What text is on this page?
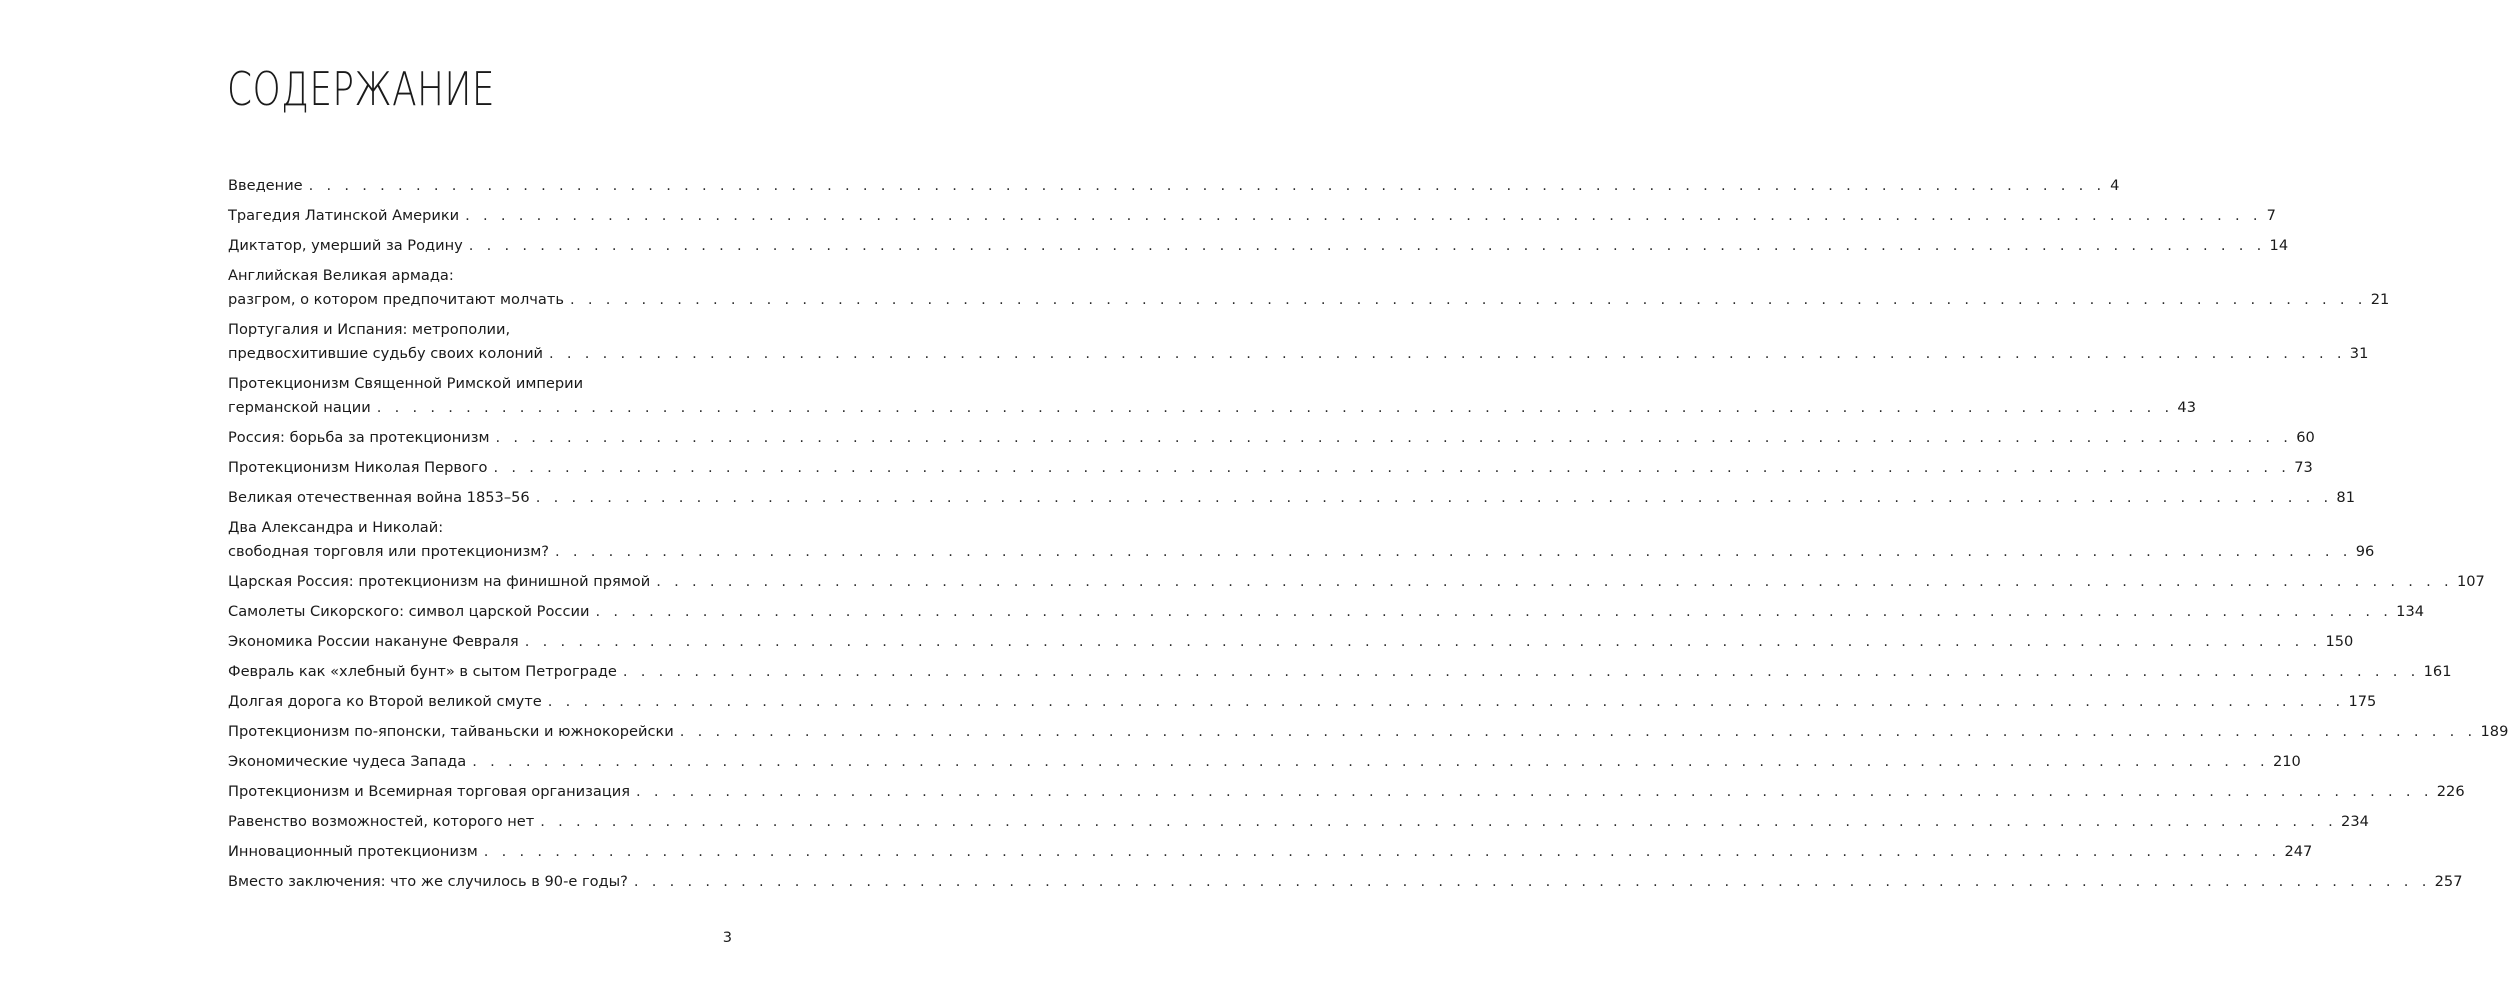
СОДЕРЖАНИЕ
Введение . . . . . . . . . . . . . . . . . . . . . . . . . . . . . . . . . . . . . . . . . . . . . . . . . . . . . . . . . . . . . . . . . . . . . . . . . . . . . . . . . . . . . . . . . . . . . . . . . . . . . 4
Трагедия Латинской Америки . . . . . . . . . . . . . . . . . . . . . . . . . . . . . . . . . . . . . . . . . . . . . . . . . . . . . . . . . . . . . . . . . . . . . . . . . . . . . . . . . . . . . . . . . . . . . . . . . . . . . 7
Диктатор, умерший за Родину . . . . . . . . . . . . . . . . . . . . . . . . . . . . . . . . . . . . . . . . . . . . . . . . . . . . . . . . . . . . . . . . . . . . . . . . . . . . . . . . . . . . . . . . . . . . . . . . . . . . . 14
Английская Великая армада:
разгром, о котором предпочитают молчать . . . . . . . . . . . . . . . . . . . . . . . . . . . . . . . . . . . . . . . . . . . . . . . . . . . . . . . . . . . . . . . . . . . . . . . . . . . . . . . . . . . . . . . . . . . . . . . . . . . . . 21
Португалия и Испания: метрополии,
предвосхитившие судьбу своих колоний . . . . . . . . . . . . . . . . . . . . . . . . . . . . . . . . . . . . . . . . . . . . . . . . . . . . . . . . . . . . . . . . . . . . . . . . . . . . . . . . . . . . . . . . . . . . . . . . . . . . . 31
Протекционизм Священной Римской империи
германской нации . . . . . . . . . . . . . . . . . . . . . . . . . . . . . . . . . . . . . . . . . . . . . . . . . . . . . . . . . . . . . . . . . . . . . . . . . . . . . . . . . . . . . . . . . . . . . . . . . . . . . 43
Россия: борьба за протекционизм . . . . . . . . . . . . . . . . . . . . . . . . . . . . . . . . . . . . . . . . . . . . . . . . . . . . . . . . . . . . . . . . . . . . . . . . . . . . . . . . . . . . . . . . . . . . . . . . . . . . . 60
Протекционизм Николая Первого . . . . . . . . . . . . . . . . . . . . . . . . . . . . . . . . . . . . . . . . . . . . . . . . . . . . . . . . . . . . . . . . . . . . . . . . . . . . . . . . . . . . . . . . . . . . . . . . . . . . . 73
Великая отечественная война 1853–56 . . . . . . . . . . . . . . . . . . . . . . . . . . . . . . . . . . . . . . . . . . . . . . . . . . . . . . . . . . . . . . . . . . . . . . . . . . . . . . . . . . . . . . . . . . . . . . . . . . . . . 81
Два Александра и Николай:
свободная торговля или протекционизм? . . . . . . . . . . . . . . . . . . . . . . . . . . . . . . . . . . . . . . . . . . . . . . . . . . . . . . . . . . . . . . . . . . . . . . . . . . . . . . . . . . . . . . . . . . . . . . . . . . . . . 96
Царская Россия: протекционизм на финишной прямой . . . . . . . . . . . . . . . . . . . . . . . . . . . . . . . . . . . . . . . . . . . . . . . . . . . . . . . . . . . . . . . . . . . . . . . . . . . . . . . . . . . . . . . . . . . . . . . . . . . . . 107
Самолеты Сикорского: символ царской России . . . . . . . . . . . . . . . . . . . . . . . . . . . . . . . . . . . . . . . . . . . . . . . . . . . . . . . . . . . . . . . . . . . . . . . . . . . . . . . . . . . . . . . . . . . . . . . . . . . . . 134
Экономика России накануне Февраля . . . . . . . . . . . . . . . . . . . . . . . . . . . . . . . . . . . . . . . . . . . . . . . . . . . . . . . . . . . . . . . . . . . . . . . . . . . . . . . . . . . . . . . . . . . . . . . . . . . . . 150
Февраль как «хлебный бунт» в сытом Петрограде . . . . . . . . . . . . . . . . . . . . . . . . . . . . . . . . . . . . . . . . . . . . . . . . . . . . . . . . . . . . . . . . . . . . . . . . . . . . . . . . . . . . . . . . . . . . . . . . . . . . . 161
Долгая дорога ко Второй великой смуте . . . . . . . . . . . . . . . . . . . . . . . . . . . . . . . . . . . . . . . . . . . . . . . . . . . . . . . . . . . . . . . . . . . . . . . . . . . . . . . . . . . . . . . . . . . . . . . . . . . . . 175
Протекционизм по-японски, тайваньски и южнокорейски . . . . . . . . . . . . . . . . . . . . . . . . . . . . . . . . . . . . . . . . . . . . . . . . . . . . . . . . . . . . . . . . . . . . . . . . . . . . . . . . . . . . . . . . . . . . . . . . . . . . . 189
Экономические чудеса Запада . . . . . . . . . . . . . . . . . . . . . . . . . . . . . . . . . . . . . . . . . . . . . . . . . . . . . . . . . . . . . . . . . . . . . . . . . . . . . . . . . . . . . . . . . . . . . . . . . . . . . 210
Протекционизм и Всемирная торговая организация . . . . . . . . . . . . . . . . . . . . . . . . . . . . . . . . . . . . . . . . . . . . . . . . . . . . . . . . . . . . . . . . . . . . . . . . . . . . . . . . . . . . . . . . . . . . . . . . . . . . . 226
Равенство возможностей, которого нет . . . . . . . . . . . . . . . . . . . . . . . . . . . . . . . . . . . . . . . . . . . . . . . . . . . . . . . . . . . . . . . . . . . . . . . . . . . . . . . . . . . . . . . . . . . . . . . . . . . . . 234
Инновационный протекционизм . . . . . . . . . . . . . . . . . . . . . . . . . . . . . . . . . . . . . . . . . . . . . . . . . . . . . . . . . . . . . . . . . . . . . . . . . . . . . . . . . . . . . . . . . . . . . . . . . . . . . 247
Вместо заключения: что же случилось в 90-е годы? . . . . . . . . . . . . . . . . . . . . . . . . . . . . . . . . . . . . . . . . . . . . . . . . . . . . . . . . . . . . . . . . . . . . . . . . . . . . . . . . . . . . . . . . . . . . . . . . . . . . . 257
3
